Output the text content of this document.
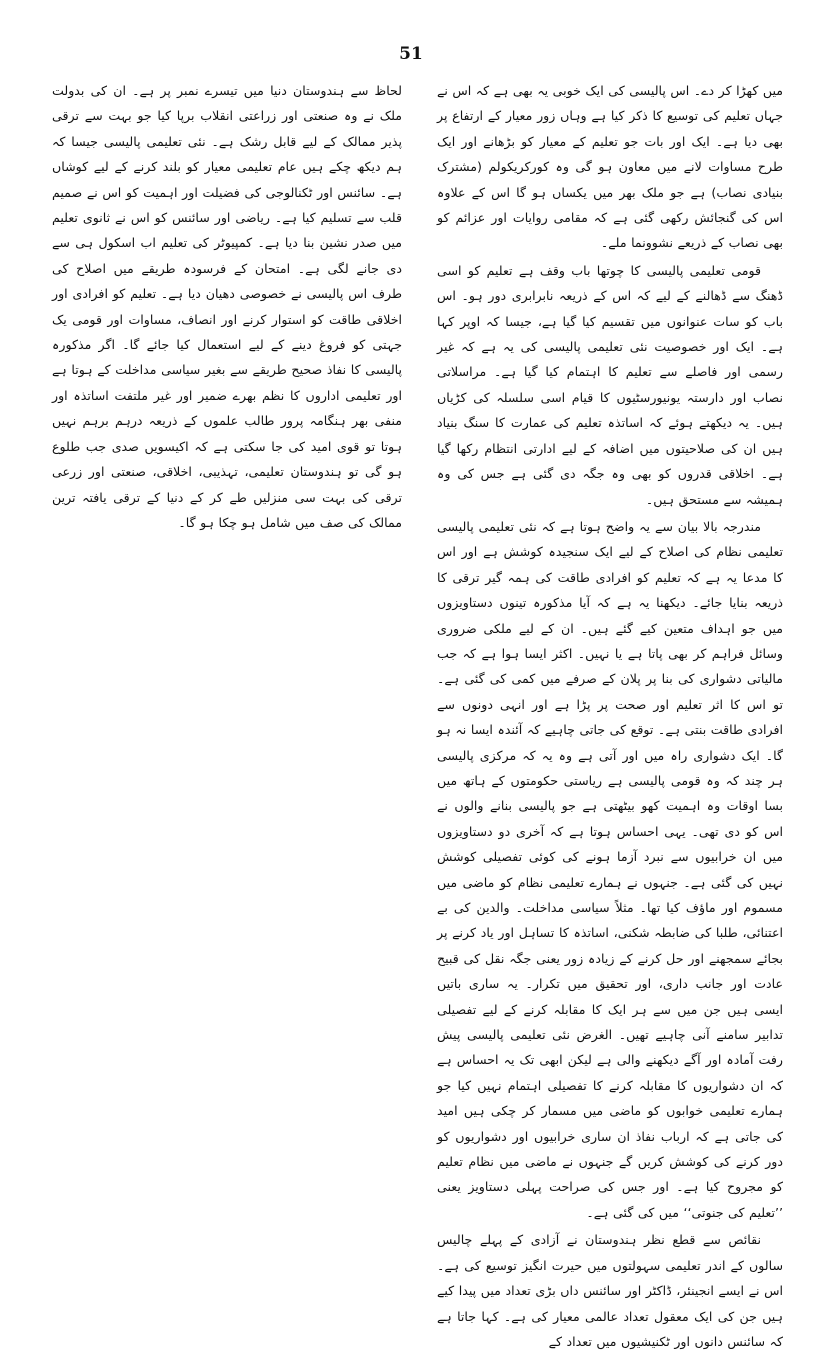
51

میں کھڑا کر دے۔ اس پالیسی کی ایک خوبی یہ بھی ہے کہ اس نے جہاں تعلیم کی توسیع کا ذکر کیا ہے وہاں زور معیار کے ارتفاع پر بھی دیا ہے۔ ایک اور بات جو تعلیم کے معیار کو بڑھانے اور ایک طرح مساوات لانے میں معاون ہو گی وہ کورکریکولم (مشترک بنیادی نصاب) ہے جو ملک بھر میں یکساں ہو گا اس کے علاوہ اس کی گنجائش رکھی گئی ہے کہ مقامی روایات اور عزائم کو بھی نصاب کے ذریعے نشوونما ملے۔

قومی تعلیمی پالیسی کا چوتھا باب وقف ہے تعلیم کو اسی ڈھنگ سے ڈھالنے کے لیے کہ اس کے ذریعہ نابرابری دور ہو۔ اس باب کو سات عنوانوں میں تقسیم کیا گیا ہے، جیسا کہ اوپر کہا ہے۔ ایک اور خصوصیت نئی تعلیمی پالیسی کی یہ ہے کہ غیر رسمی اور فاصلے سے تعلیم کا اہتمام کیا گیا ہے۔ مراسلاتی نصاب اور دارستہ یونیورسٹیوں کا قیام اسی سلسلہ کی کڑیاں ہیں۔ یہ دیکھتے ہوئے کہ اساتذہ تعلیم کی عمارت کا سنگ بنیاد ہیں ان کی صلاحیتوں میں اضافہ کے لیے ادارتی انتظام رکھا گیا ہے۔ اخلاقی قدروں کو بھی وہ جگہ دی گئی ہے جس کی وہ ہمیشہ سے مستحق ہیں۔

مندرجہ بالا بیان سے یہ واضح ہوتا ہے کہ نئی تعلیمی پالیسی تعلیمی نظام کی اصلاح کے لیے ایک سنجیدہ کوشش ہے اور اس کا مدعا یہ ہے کہ تعلیم کو افرادی طاقت کی ہمہ گیر ترقی کا ذریعہ بنایا جائے۔ دیکھنا یہ ہے کہ آیا مذکورہ تینوں دستاویزوں میں جو اہداف متعین کیے گئے ہیں۔ ان کے لیے ملکی ضروری وسائل فراہم کر بھی پاتا ہے یا نہیں۔ اکثر ایسا ہوا ہے کہ جب مالیاتی دشواری کی بنا پر پلان کے صرفے میں کمی کی گئی ہے۔ تو اس کا اثر تعلیم اور صحت پر پڑا ہے اور انہی دونوں سے افرادی طاقت بنتی ہے۔ توقع کی جاتی چاہیے کہ آئندہ ایسا نہ ہو گا۔ ایک دشواری راہ میں اور آتی ہے وہ یہ کہ مرکزی پالیسی ہر چند کہ وہ قومی پالیسی ہے ریاستی حکومتوں کے ہاتھ میں بسا اوقات وہ اہمیت کھو بیٹھتی ہے جو پالیسی بنانے والوں نے اس کو دی تھی۔ یہی احساس ہوتا ہے کہ آخری دو دستاویزوں میں ان خرابیوں سے نبرد آزما ہونے کی کوئی تفصیلی کوشش نہیں کی گئی ہے۔ جنہوں نے ہمارے تعلیمی نظام کو ماضی میں مسموم اور ماؤف کیا تھا۔ مثلاً سیاسی مداخلت۔ والدین کی بے اعتنائی، طلبا کی ضابطہ شکنی، اساتذہ کا تساہل اور یاد کرنے پر بجائے سمجھنے اور حل کرنے کے زیادہ زور یعنی جگہ نقل کی قبیح عادت اور جانب داری، اور تحقیق میں تکرار۔ یہ ساری باتیں ایسی ہیں جن میں سے ہر ایک کا مقابلہ کرنے کے لیے تفصیلی تدابیر سامنے آنی چاہیے تھیں۔ الغرض نئی تعلیمی پالیسی پیش رفت آمادہ اور آگے دیکھنے والی ہے لیکن ابھی تک یہ احساس ہے کہ ان دشواریوں کا مقابلہ کرنے کا تفصیلی اہتمام نہیں کیا جو ہمارے تعلیمی خوابوں کو ماضی میں مسمار کر چکی ہیں امید کی جاتی ہے کہ ارباب نفاذ ان ساری خرابیوں اور دشواریوں کو دور کرنے کی کوشش کریں گے جنہوں نے ماضی میں نظام تعلیم کو مجروح کیا ہے۔ اور جس کی صراحت پہلی دستاویز یعنی ’’تعلیم کی جنوتی‘‘ میں کی گئی ہے۔

نقائص سے قطع نظر ہندوستان نے آزادی کے پہلے چالیس سالوں کے اندر تعلیمی سہولتوں میں حیرت انگیز توسیع کی ہے۔ اس نے ایسے انجینئر، ڈاکٹر اور سائنس داں بڑی تعداد میں پیدا کیے ہیں جن کی ایک معقول تعداد عالمی معیار کی ہے۔ کہا جاتا ہے کہ سائنس دانوں اور ٹکنیشیوں میں تعداد کے

لحاظ سے ہندوستان دنیا میں تیسرے نمبر پر ہے۔ ان کی بدولت ملک نے وہ صنعتی اور زراعتی انقلاب برپا کیا جو بہت سے ترقی پذیر ممالک کے لیے قابل رشک ہے۔ نئی تعلیمی پالیسی جیسا کہ ہم دیکھ چکے ہیں عام تعلیمی معیار کو بلند کرنے کے لیے کوشاں ہے۔ سائنس اور ٹکنالوجی کی فضیلت اور اہمیت کو اس نے صمیم قلب سے تسلیم کیا ہے۔ ریاضی اور سائنس کو اس نے ثانوی تعلیم میں صدر نشین بنا دیا ہے۔ کمپیوٹر کی تعلیم اب اسکول ہی سے دی جانے لگی ہے۔ امتحان کے فرسودہ طریقے میں اصلاح کی طرف اس پالیسی نے خصوصی دھیان دیا ہے۔ تعلیم کو افرادی اور اخلاقی طاقت کو استوار کرنے اور انصاف، مساوات اور قومی یک جہتی کو فروغ دینے کے لیے استعمال کیا جائے گا۔ اگر مذکورہ پالیسی کا نفاذ صحیح طریقے سے بغیر سیاسی مداخلت کے ہوتا ہے اور تعلیمی اداروں کا نظم بھرے ضمیر اور غیر ملتفت اساتذہ اور منفی بھر ہنگامہ پرور طالب علموں کے ذریعہ درہم برہم نہیں ہوتا تو قوی امید کی جا سکتی ہے کہ اکیسویں صدی جب طلوع ہو گی تو ہندوستان تعلیمی، تہذیبی، اخلاقی، صنعتی اور زرعی ترقی کی بہت سی منزلیں طے کر کے دنیا کے ترقی یافتہ ترین ممالک کی صف میں شامل ہو چکا ہو گا۔
